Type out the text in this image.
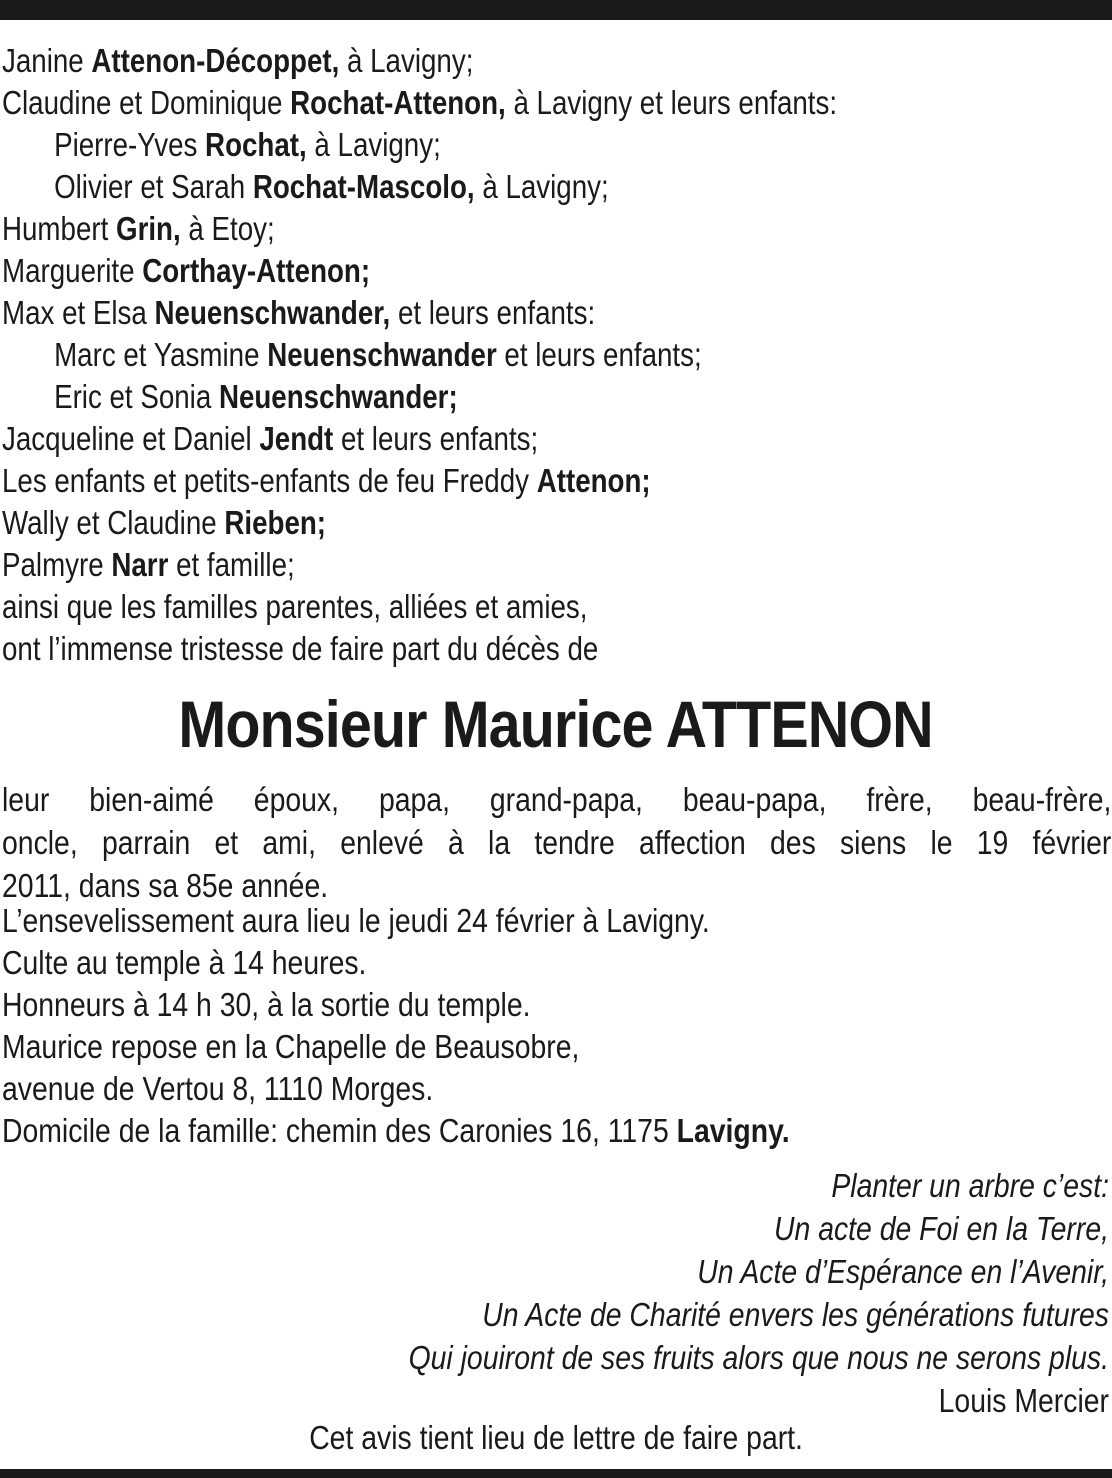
Janine Attenon-Décoppet, à Lavigny;
Claudine et Dominique Rochat-Attenon, à Lavigny et leurs enfants:
Pierre-Yves Rochat, à Lavigny;
Olivier et Sarah Rochat-Mascolo, à Lavigny;
Humbert Grin, à Etoy;
Marguerite Corthay-Attenon;
Max et Elsa Neuenschwander, et leurs enfants:
Marc et Yasmine Neuenschwander et leurs enfants;
Eric et Sonia Neuenschwander;
Jacqueline et Daniel Jendt et leurs enfants;
Les enfants et petits-enfants de feu Freddy Attenon;
Wally et Claudine Rieben;
Palmyre Narr et famille;
ainsi que les familles parentes, alliées et amies,
ont l’immense tristesse de faire part du décès de
Monsieur Maurice ATTENON
leur bien-aimé époux, papa, grand-papa, beau-papa, frère, beau-frère,
oncle, parrain et ami, enlevé à la tendre affection des siens le 19 février
2011, dans sa 85e année.
L’ensevelissement aura lieu le jeudi 24 février à Lavigny.
Culte au temple à 14 heures.
Honneurs à 14 h 30, à la sortie du temple.
Maurice repose en la Chapelle de Beausobre,
avenue de Vertou 8, 1110 Morges.
Domicile de la famille: chemin des Caronies 16, 1175 Lavigny.
Planter un arbre c’est:
Un acte de Foi en la Terre,
Un Acte d’Espérance en l’Avenir,
Un Acte de Charité envers les générations futures
Qui jouiront de ses fruits alors que nous ne serons plus.
Louis Mercier
Cet avis tient lieu de lettre de faire part.
